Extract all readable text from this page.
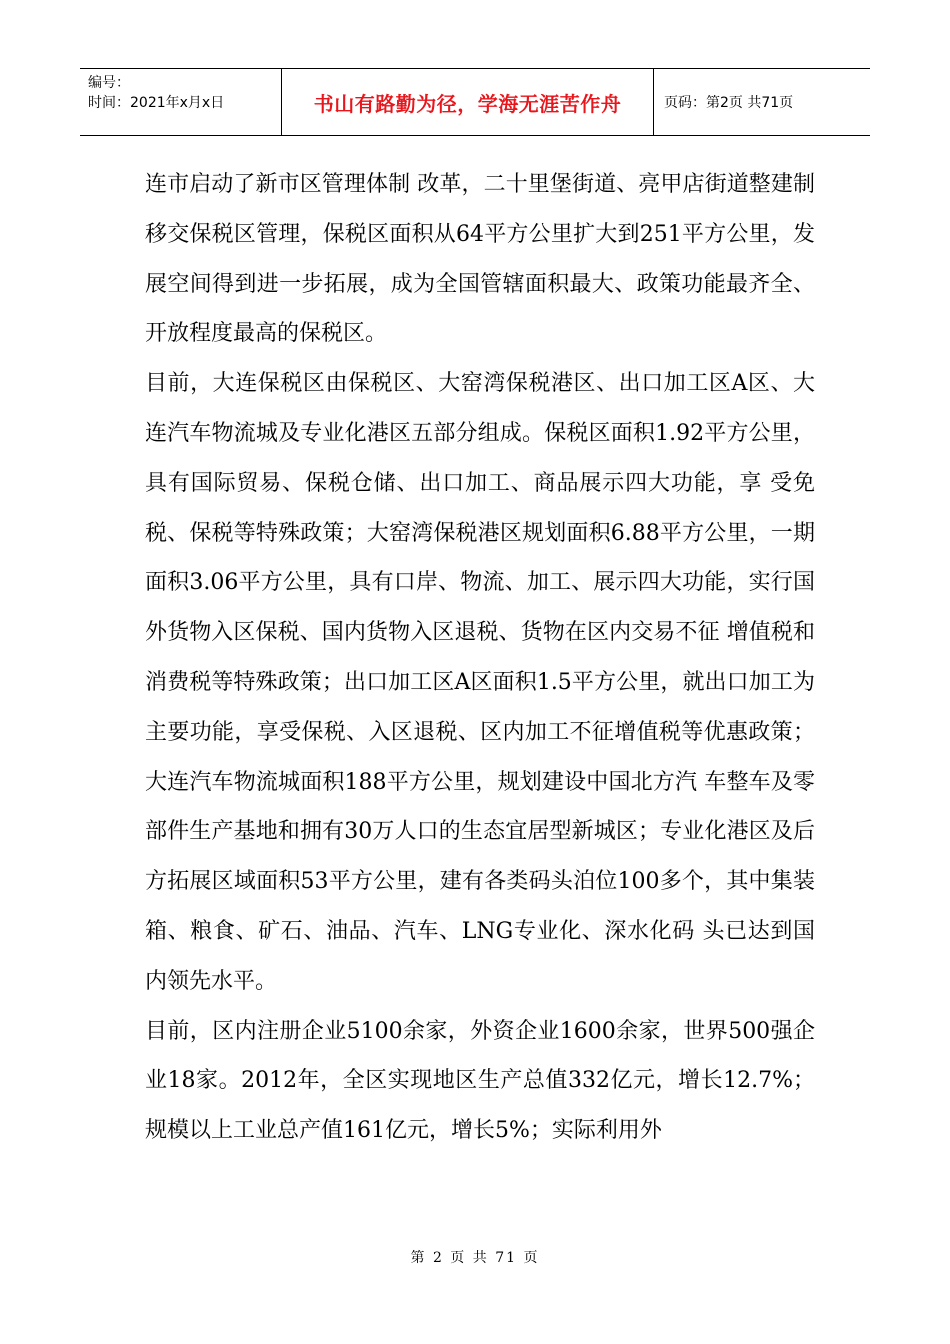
编号：
时间：2021年x月x日	书山有路勤为径，学海无涯苦作舟	页码：第2页 共71页

连市启动了新市区管理体制 改革，二十里堡街道、亮甲店街道整建制移交保税区管理，保税区面积从64平方公里扩大到251平方公里，发展空间得到进一步拓展，成为全国管辖面积最大、政策功能最齐全、开放程度最高的保税区。

目前，大连保税区由保税区、大窑湾保税港区、出口加工区A区、大连汽车物流城及专业化港区五部分组成。保税区面积1.92平方公里，具有国际贸易、保税仓储、出口加工、商品展示四大功能，享 受免税、保税等特殊政策；大窑湾保税港区规划面积6.88平方公里，一期面积3.06平方公里，具有口岸、物流、加工、展示四大功能，实行国外货物入区保税、国内货物入区退税、货物在区内交易不征 增值税和消费税等特殊政策；出口加工区A区面积1.5平方公里，就出口加工为主要功能，享受保税、入区退税、区内加工不征增值税等优惠政策；大连汽车物流城面积188平方公里，规划建设中国北方汽 车整车及零部件生产基地和拥有30万人口的生态宜居型新城区；专业化港区及后方拓展区域面积53平方公里，建有各类码头泊位100多个，其中集装箱、粮食、矿石、油品、汽车、LNG专业化、深水化码 头已达到国内领先水平。

目前，区内注册企业5100余家，外资企业1600余家，世界500强企业18家。2012年，全区实现地区生产总值332亿元，增长12.7%；规模以上工业总产值161亿元，增长5%；实际利用外

第 2 页 共 71 页
